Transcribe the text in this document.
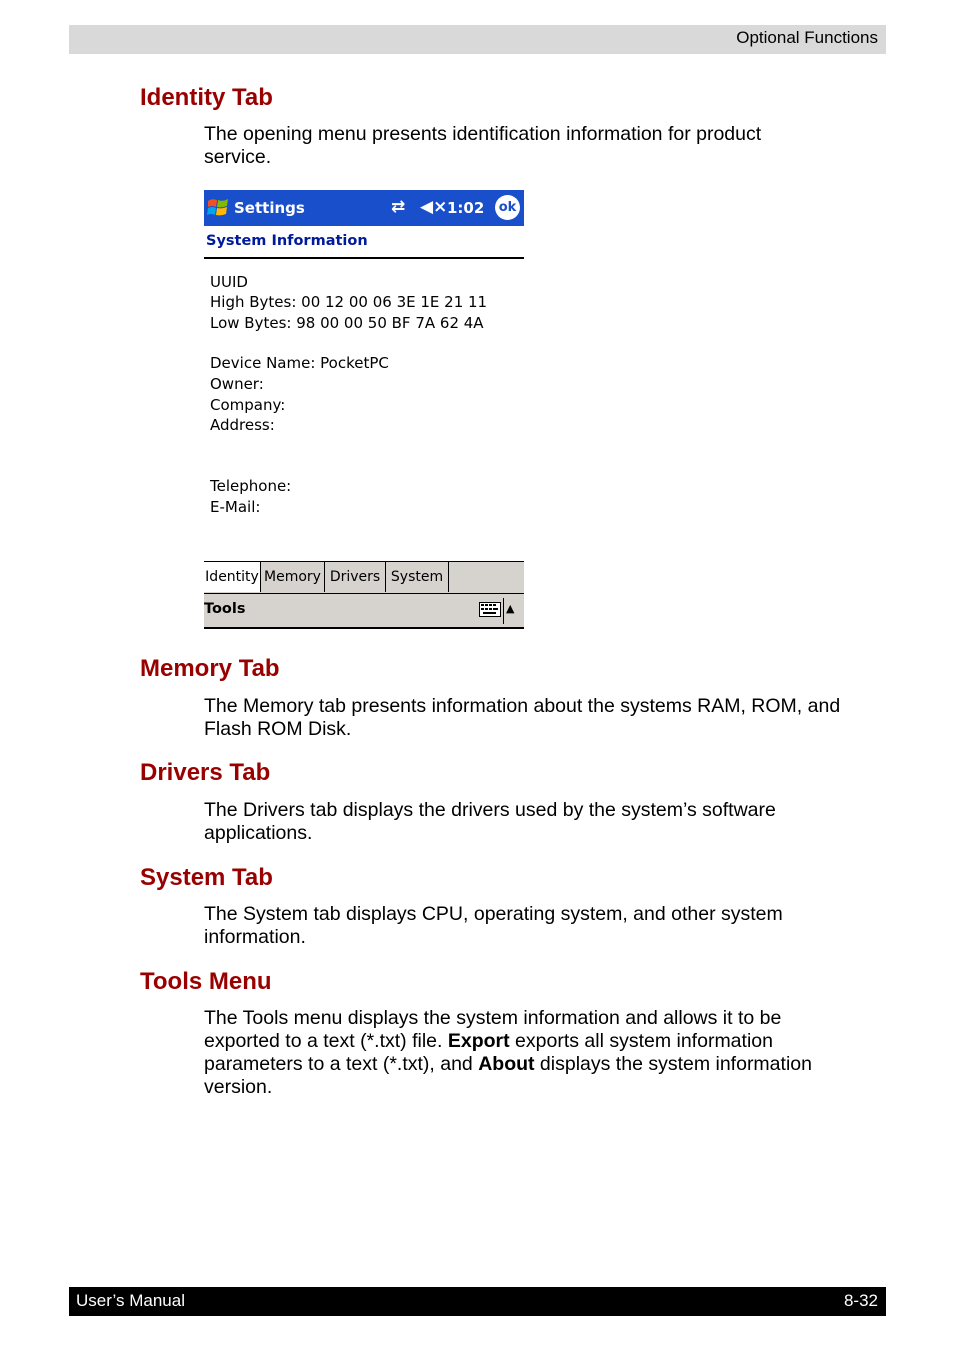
Optional Functions
Identity Tab
The opening menu presents identification information for product
service.
Settings	⇄ ◀× 1:02 ok
System Information
UUID
High Bytes: 00 12 00 06 3E 1E 21 11
Low Bytes: 98 00 00 50 BF 7A 62 4A
Device Name: PocketPC
Owner:
Company:
Address:
Telephone:
E-Mail:
Identity Memory Drivers System
Tools	▲
Memory Tab
The Memory tab presents information about the systems RAM, ROM, and
Flash ROM Disk.
Drivers Tab
The Drivers tab displays the drivers used by the system’s software
applications.
System Tab
The System tab displays CPU, operating system, and other system
information.
Tools Menu
The Tools menu displays the system information and allows it to be
exported to a text (*.txt) file. Export exports all system information
parameters to a text (*.txt), and About displays the system information
version.
User’s Manual	8-32
